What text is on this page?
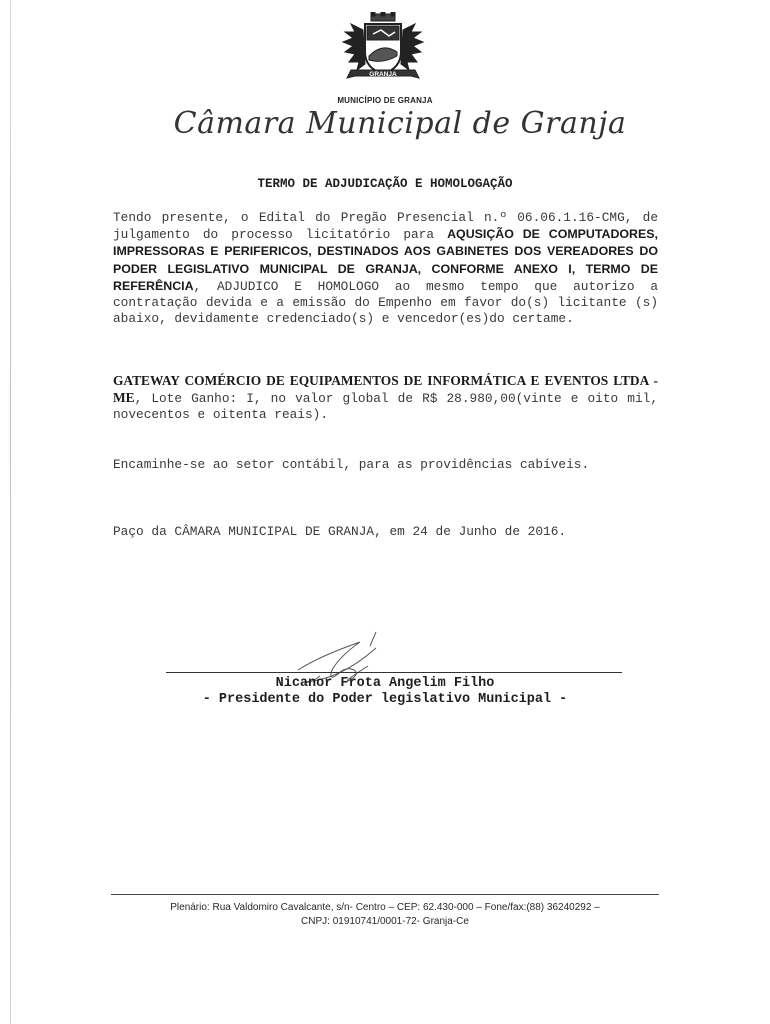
GRANJA
MUNICÍPIO DE GRANJA
Câmara Municipal de Granja
TERMO DE ADJUDICAÇÃO E HOMOLOGAÇÃO
Tendo presente, o Edital do Pregão Presencial n.º 06.06.1.16-CMG, de julgamento do processo licitatório para AQUSIÇÃO DE COMPUTADORES, IMPRESSORAS E PERIFERICOS, DESTINADOS AOS GABINETES DOS VEREADORES DO PODER LEGISLATIVO MUNICIPAL DE GRANJA, CONFORME ANEXO I, TERMO DE REFERÊNCIA, ADJUDICO E HOMOLOGO ao mesmo tempo que autorizo a contratação devida e a emissão do Empenho em favor do(s) licitante (s) abaixo, devidamente credenciado(s) e vencedor(es)do certame.
GATEWAY COMÉRCIO DE EQUIPAMENTOS DE INFORMÁTICA E EVENTOS LTDA - ME, Lote Ganho: I, no valor global de R$ 28.980,00(vinte e oito mil, novecentos e oitenta reais).
Encaminhe-se ao setor contábil, para as providências cabíveis.
Paço da CÂMARA MUNICIPAL DE GRANJA, em 24 de Junho de 2016.
Nicanor Frota Angelim Filho
- Presidente do Poder legislativo Municipal -
Plenário: Rua Valdomiro Cavalcante, s/n- Centro – CEP: 62.430-000 – Fone/fax:(88) 36240292 –
CNPJ: 01910741/0001-72- Granja-Ce
